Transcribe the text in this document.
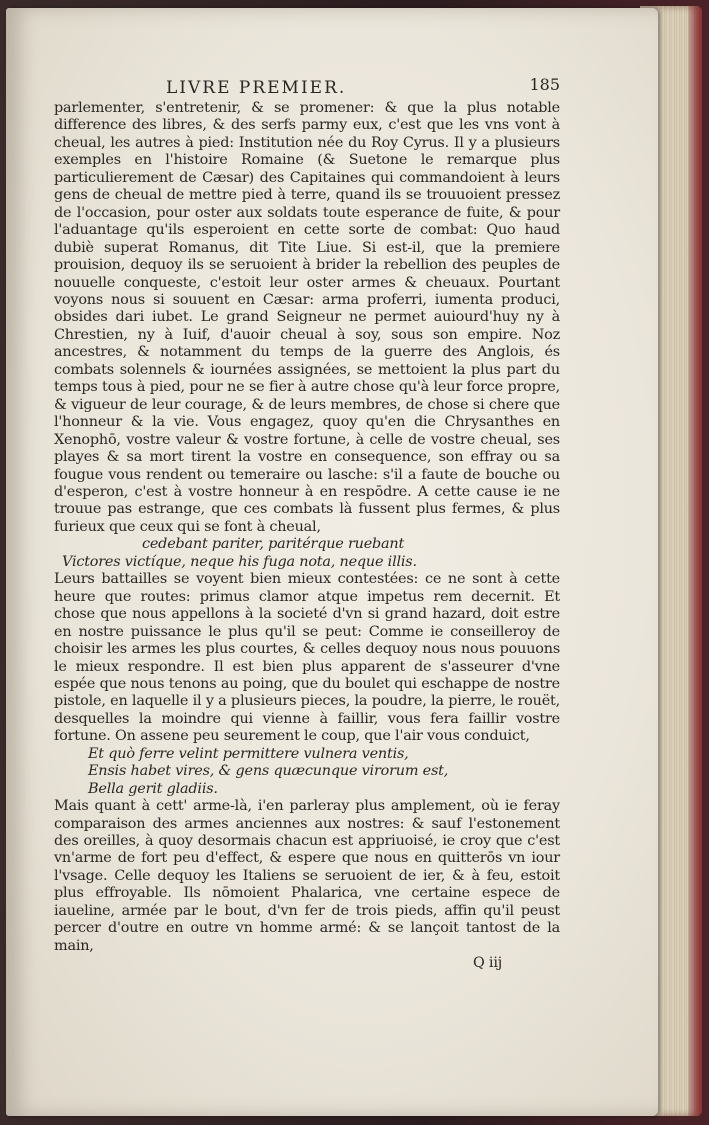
LIVRE PREMIER.	185

parlementer, s'entretenir, & se promener: & que la plus notable difference des libres, & des serfs parmy eux, c'est que les vns vont à cheual, les autres à pied: Institution née du Roy Cyrus. Il y a plusieurs exemples en l'histoire Romaine (& Suetone le remarque plus particulierement de Cæsar) des Capitaines qui commandoient à leurs gens de cheual de mettre pied à terre, quand ils se trouuoient pressez de l'occasion, pour oster aux soldats toute esperance de fuite, & pour l'aduantage qu'ils esperoient en cette sorte de combat: Quo haud dubiè superat Romanus, dit Tite Liue. Si est-il, que la premiere prouision, dequoy ils se seruoient à brider la rebellion des peuples de nouuelle conqueste, c'estoit leur oster armes & cheuaux. Pourtant voyons nous si souuent en Cæsar: arma proferri, iumenta produci, obsides dari iubet. Le grand Seigneur ne permet auiourd'huy ny à Chrestien, ny à Iuif, d'auoir cheual à soy, sous son empire. Noz ancestres, & notamment du temps de la guerre des Anglois, és combats solennels & iournées assignées, se mettoient la plus part du temps tous à pied, pour ne se fier à autre chose qu'à leur force propre, & vigueur de leur courage, & de leurs membres, de chose si chere que l'honneur & la vie. Vous engagez, quoy qu'en die Chrysanthes en Xenophō, vostre valeur & vostre fortune, à celle de vostre cheual, ses playes & sa mort tirent la vostre en consequence, son effray ou sa fougue vous rendent ou temeraire ou lasche: s'il a faute de bouche ou d'esperon, c'est à vostre honneur à en respōdre. A cette cause ie ne trouue pas estrange, que ces combats là fussent plus fermes, & plus furieux que ceux qui se font à cheual,

cedebant pariter, paritérque ruebant

Victores victíque, neque his fuga nota, neque illis.

Leurs battailles se voyent bien mieux contestées: ce ne sont à cette heure que routes: primus clamor atque impetus rem decernit. Et chose que nous appellons à la societé d'vn si grand hazard, doit estre en nostre puissance le plus qu'il se peut: Comme ie conseilleroy de choisir les armes les plus courtes, & celles dequoy nous nous pouuons le mieux respondre. Il est bien plus apparent de s'asseurer d'vne espée que nous tenons au poing, que du boulet qui eschappe de nostre pistole, en laquelle il y a plusieurs pieces, la poudre, la pierre, le rouët, desquelles la moindre qui vienne à faillir, vous fera faillir vostre fortune. On assene peu seurement le coup, que l'air vous conduict,

Et quò ferre velint permittere vulnera ventis,

Ensis habet vires, & gens quæcunque virorum est,

Bella gerit gladiis.

Mais quant à cett' arme-là, i'en parleray plus amplement, où ie feray comparaison des armes anciennes aux nostres: & sauf l'estonement des oreilles, à quoy desormais chacun est appriuoisé, ie croy que c'est vn'arme de fort peu d'effect, & espere que nous en quitterōs vn iour l'vsage. Celle dequoy les Italiens se seruoient de ier, & à feu, estoit plus effroyable. Ils nōmoient Phalarica, vne certaine espece de iaueline, armée par le bout, d'vn fer de trois pieds, affin qu'il peust percer d'outre en outre vn homme armé: & se lançoit tantost de la main,

Q iij
